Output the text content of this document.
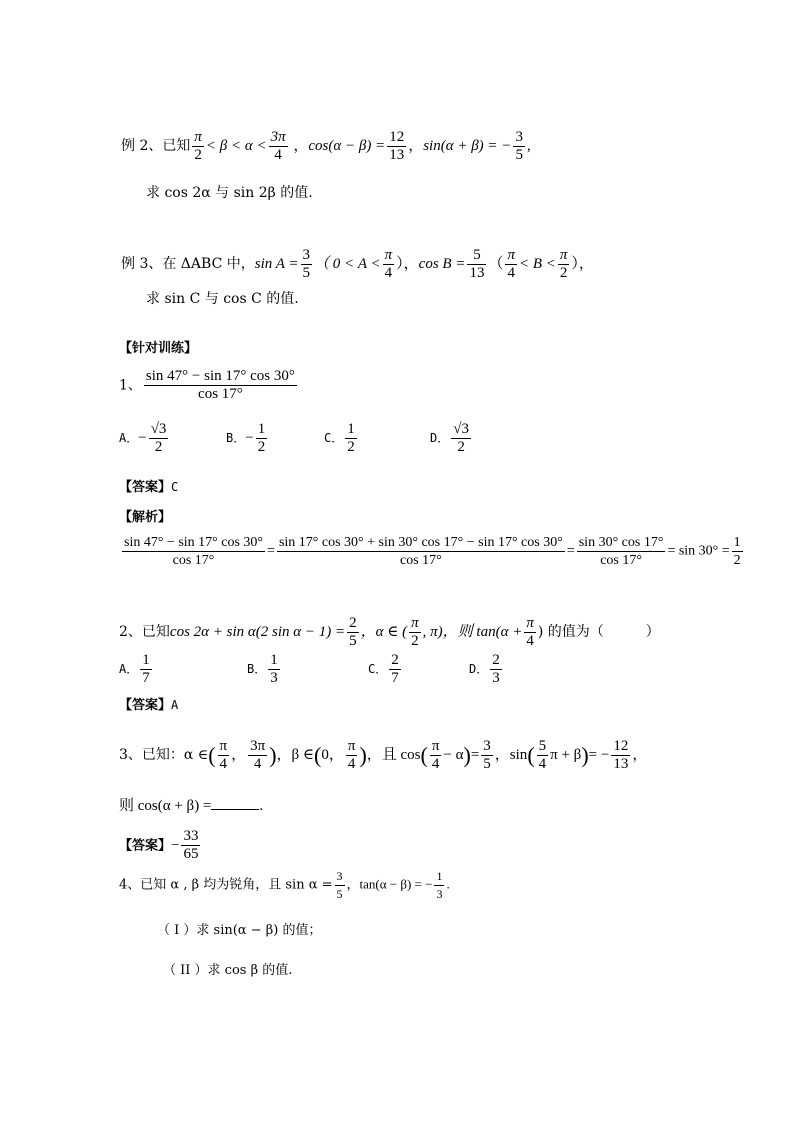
例 2、已知 $\frac{\pi}{2} < \beta < \alpha < \frac{3\pi}{4}$ ，$\cos(\alpha - \beta) = \frac{12}{13}$ ，sin(α + β) = − $\frac{3}{5}$ ,
求 cos 2α 与 sin 2β 的值.
例 3、在 ΔABC 中，$\sin A = \frac{3}{5}$ （ $0 < A < \frac{\pi}{4}$ ），$\cos B = \frac{5}{13}$ （ $\frac{\pi}{4} < B < \frac{\pi}{2}$ ），
求 sin C 与 cos C 的值.
【针对训练】
1、 $\frac{\sin 47^\circ - \sin 17^\circ \cos 30^\circ}{\cos 17^\circ}$
A．− $\frac{√3}{2}$	B．− $\frac{1}{2}$	C． $\frac{1}{2}$	D． $\frac{√3}{2}$
【答案】C
【解析】
$\frac{\sin 47^\circ - \sin 17^\circ \cos 30^\circ}{\cos 17^\circ} = \frac{\sin 17^\circ \cos 30^\circ + \sin 30^\circ \cos 17^\circ - \sin 17^\circ \cos 30^\circ}{\cos 17^\circ} = \frac{\sin 30^\circ \cos 17^\circ}{\cos 17^\circ} = \sin 30^\circ = \frac{1}{2}$
2、已知cos 2α + sin α(2 $\sin \alpha - 1) = \frac{2}{5}$ ，α ∈ ( $\frac{\pi}{2}$ , π)，则 $\tan(\alpha + \frac{\pi}{4}$ ) 的值为（　　　）
A． $\frac{1}{7}$	B． $\frac{1}{3}$	C． $\frac{2}{7}$	D． $\frac{2}{3}$
【答案】A
3、已知：α ∈( $\frac{\pi}{4}$ ， $\frac{3\pi}{4}$ )，β ∈(0， $\frac{\pi}{4}$ )，且 $\cos( \frac{\pi}{4} - \alpha)= \frac{3}{5}$ ，$\sin( \frac{5}{4}$ $\pi + \beta)= - \frac{12}{13}$ ，
则 cos(α + β) =	.
【答案】− $\frac{33}{65}$
4、已知 α , β 均为锐角，且 $\sin \alpha = \frac{3}{5}$ ，tan(α − β) = − $\frac{1}{3}$ .
（ I ）求 sin(α − β) 的值；
（ II ）求 cos β 的值.
